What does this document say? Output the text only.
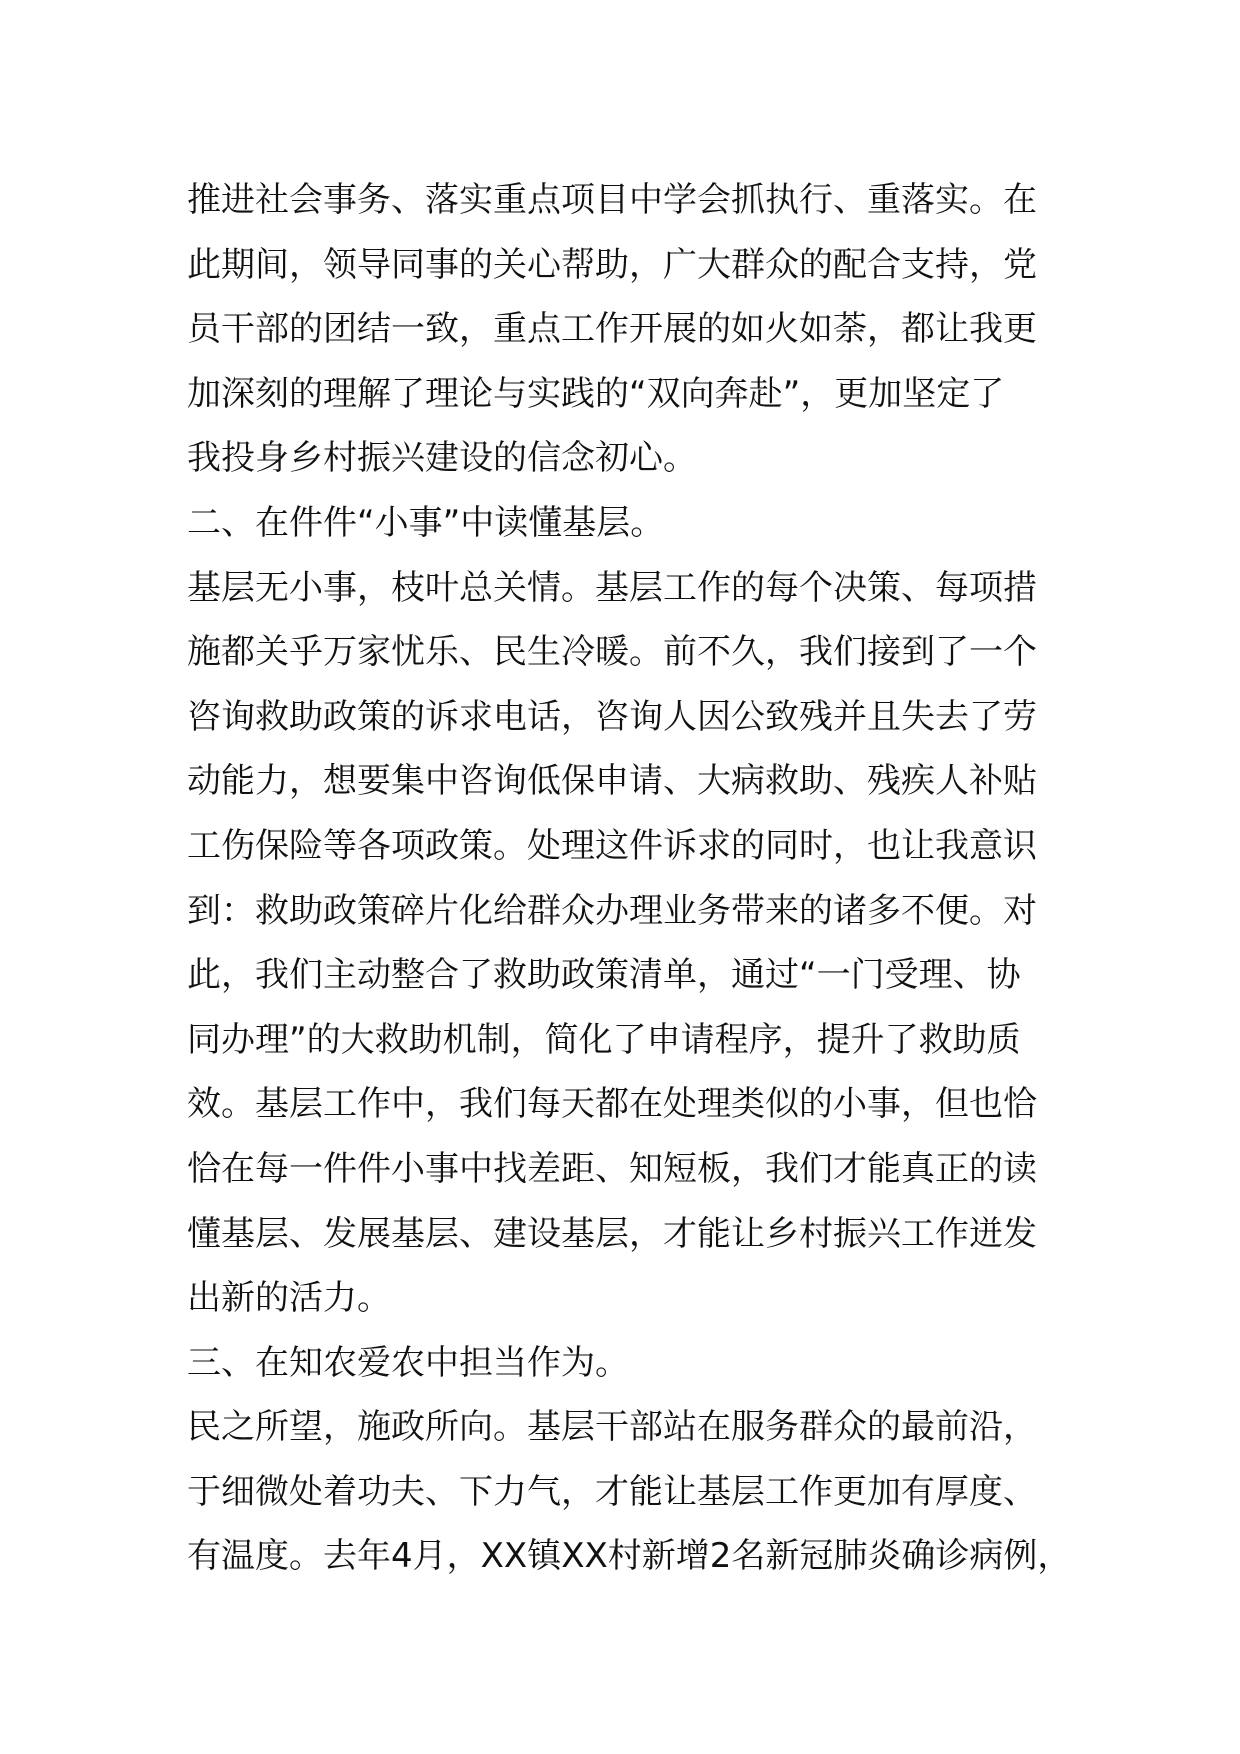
推进社会事务、落实重点项目中学会抓执行、重落实。在
此期间，领导同事的关心帮助，广大群众的配合支持，党
员干部的团结一致，重点工作开展的如火如荼，都让我更
加深刻的理解了理论与实践的“双向奔赴”，更加坚定了
我投身乡村振兴建设的信念初心。
二、在件件“小事”中读懂基层。
基层无小事，枝叶总关情。基层工作的每个决策、每项措
施都关乎万家忧乐、民生冷暖。前不久，我们接到了一个
咨询救助政策的诉求电话，咨询人因公致残并且失去了劳
动能力，想要集中咨询低保申请、大病救助、残疾人补贴
工伤保险等各项政策。处理这件诉求的同时，也让我意识
到：救助政策碎片化给群众办理业务带来的诸多不便。对
此，我们主动整合了救助政策清单，通过“一门受理、协
同办理”的大救助机制，简化了申请程序，提升了救助质
效。基层工作中，我们每天都在处理类似的小事，但也恰
恰在每一件件小事中找差距、知短板，我们才能真正的读
懂基层、发展基层、建设基层，才能让乡村振兴工作迸发
出新的活力。
三、在知农爱农中担当作为。
民之所望，施政所向。基层干部站在服务群众的最前沿，
于细微处着功夫、下力气，才能让基层工作更加有厚度、
有温度。去年4月，XX镇XX村新增2名新冠肺炎确诊病例，
